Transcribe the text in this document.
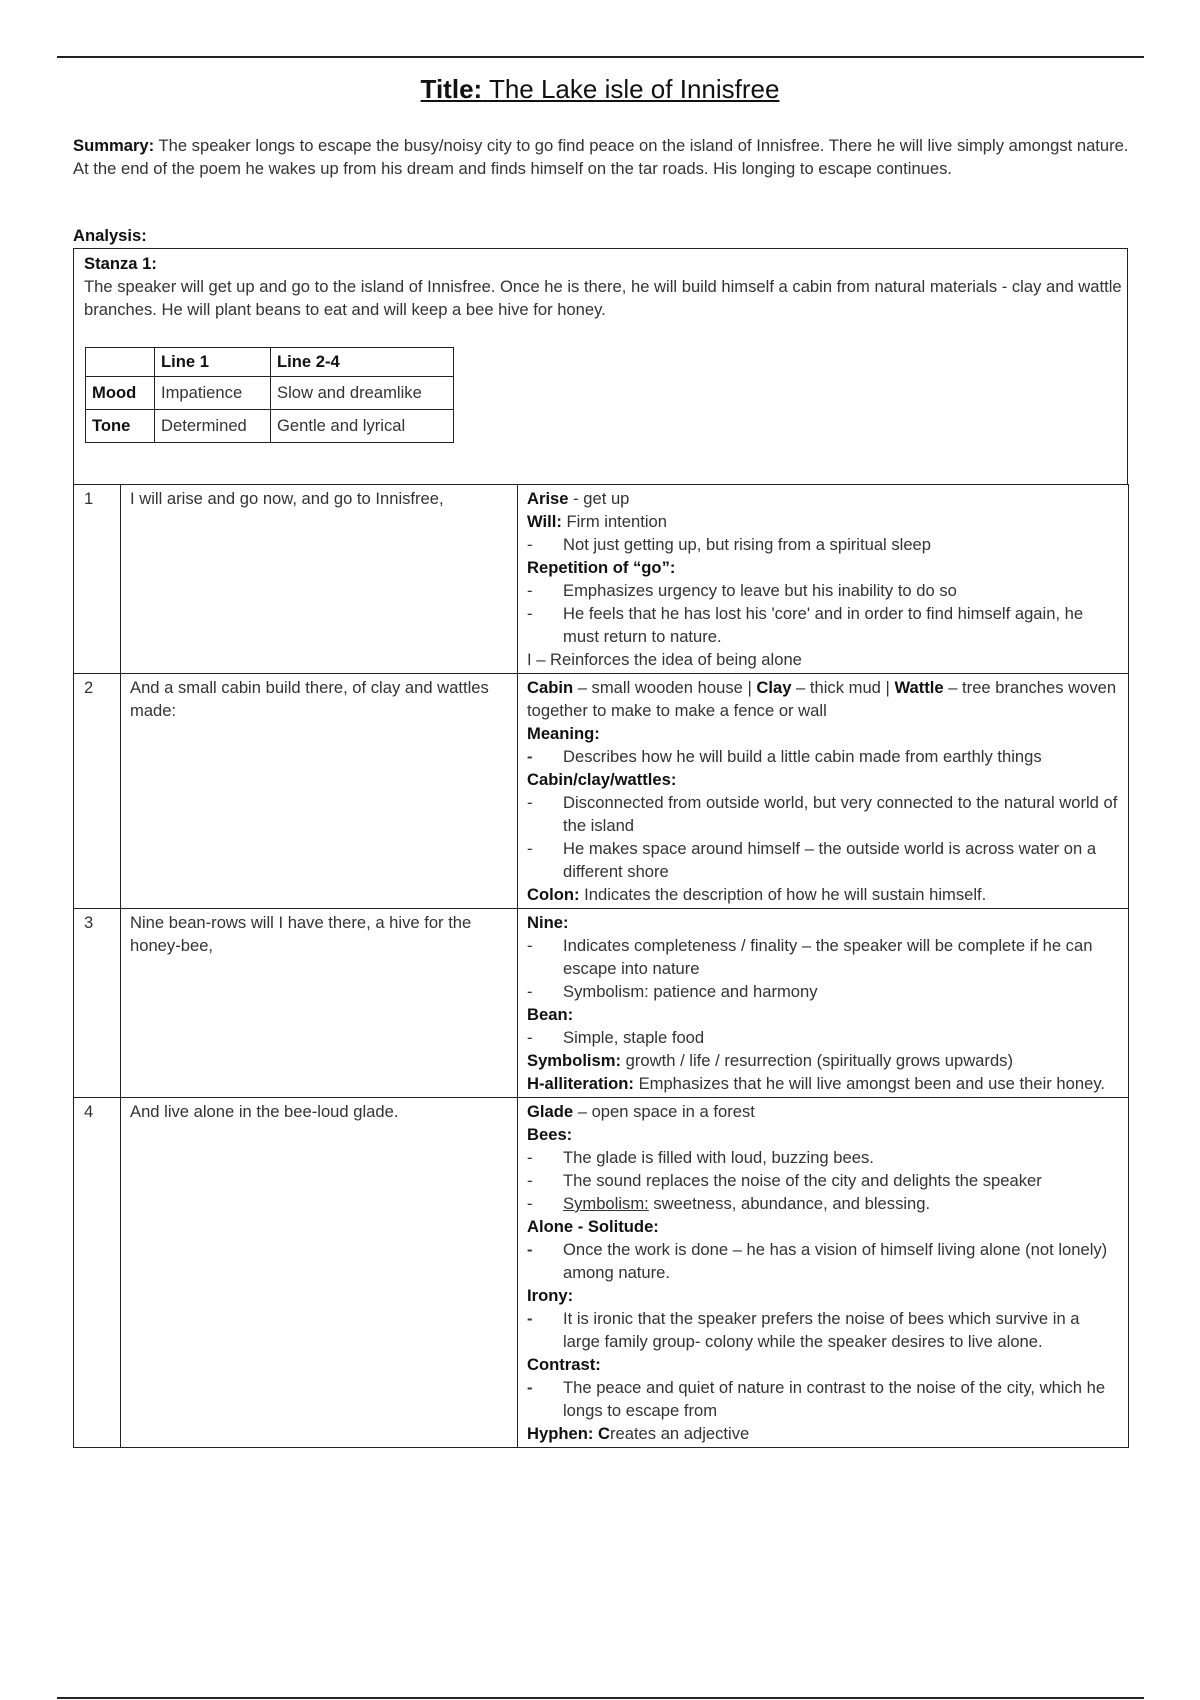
Title: The Lake isle of Innisfree
Summary: The speaker longs to escape the busy/noisy city to go find peace on the island of Innisfree. There he will live simply amongst nature. At the end of the poem he wakes up from his dream and finds himself on the tar roads. His longing to escape continues.
Analysis:
Stanza 1:
The speaker will get up and go to the island of Innisfree. Once he is there, he will build himself a cabin from natural materials - clay and wattle branches. He will plant beans to eat and will keep a bee hive for honey.
	Line 1	Line 2-4
Mood	Impatience	Slow and dreamlike
Tone	Determined	Gentle and lyrical
1	I will arise and go now, and go to Innisfree,	Arise - get up
Will: Firm intention
-	Not just getting up, but rising from a spiritual sleep
Repetition of “go”:
-	Emphasizes urgency to leave but his inability to do so
-	He feels that he has lost his 'core' and in order to find himself again, he must return to nature.
I – Reinforces the idea of being alone

2	And a small cabin build there, of clay and wattles made:	
Cabin – small wooden house | Clay – thick mud | Wattle – tree branches woven together to make to make a fence or wall
Meaning:
-	Describes how he will build a little cabin made from earthly things
Cabin/clay/wattles:
-	Disconnected from outside world, but very connected to the natural world of the island
-	He makes space around himself – the outside world is across water on a different shore
Colon: Indicates the description of how he will sustain himself.

3	Nine bean-rows will I have there, a hive for the honey-bee,	
Nine:
-	Indicates completeness / finality – the speaker will be complete if he can escape into nature
-	Symbolism: patience and harmony
Bean:
-	Simple, staple food
Symbolism: growth / life / resurrection (spiritually grows upwards)
H-alliteration: Emphasizes that he will live amongst been and use their honey.

4	And live alone in the bee-loud glade.	Glade – open space in a forest
Bees:
-	The glade is filled with loud, buzzing bees.
-	The sound replaces the noise of the city and delights the speaker
-	Symbolism: sweetness, abundance, and blessing.
Alone - Solitude:
-	Once the work is done – he has a vision of himself living alone (not lonely) among nature.
Irony:
-	It is ironic that the speaker prefers the noise of bees which survive in a large family group- colony while the speaker desires to live alone.
Contrast:
-	The peace and quiet of nature in contrast to the noise of the city, which he longs to escape from
Hyphen: Creates an adjective
